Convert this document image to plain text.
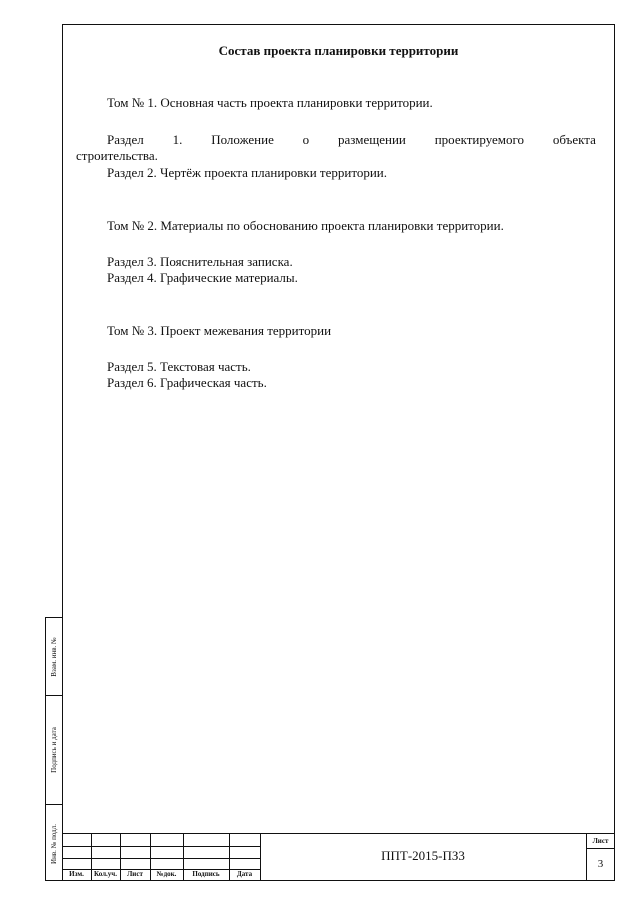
Взам. инв. №
Подпись и дата
Инв. № подл.
Состав проекта планировки территории
Том № 1. Основная часть проекта планировки территории.
Раздел 1. Положение о размещении проектируемого объекта
строительства.
Раздел 2. Чертёж проекта планировки территории.
Том № 2. Материалы по обоснованию проекта планировки территории.
Раздел 3. Пояснительная записка.
Раздел 4. Графические материалы.
Том № 3. Проект межевания территории
Раздел 5. Текстовая часть.
Раздел 6. Графическая часть.
Изм.	Кол.уч.	Лист	№док.	Подпись	Дата
ППТ-2015-ПЗ3
Лист
3
